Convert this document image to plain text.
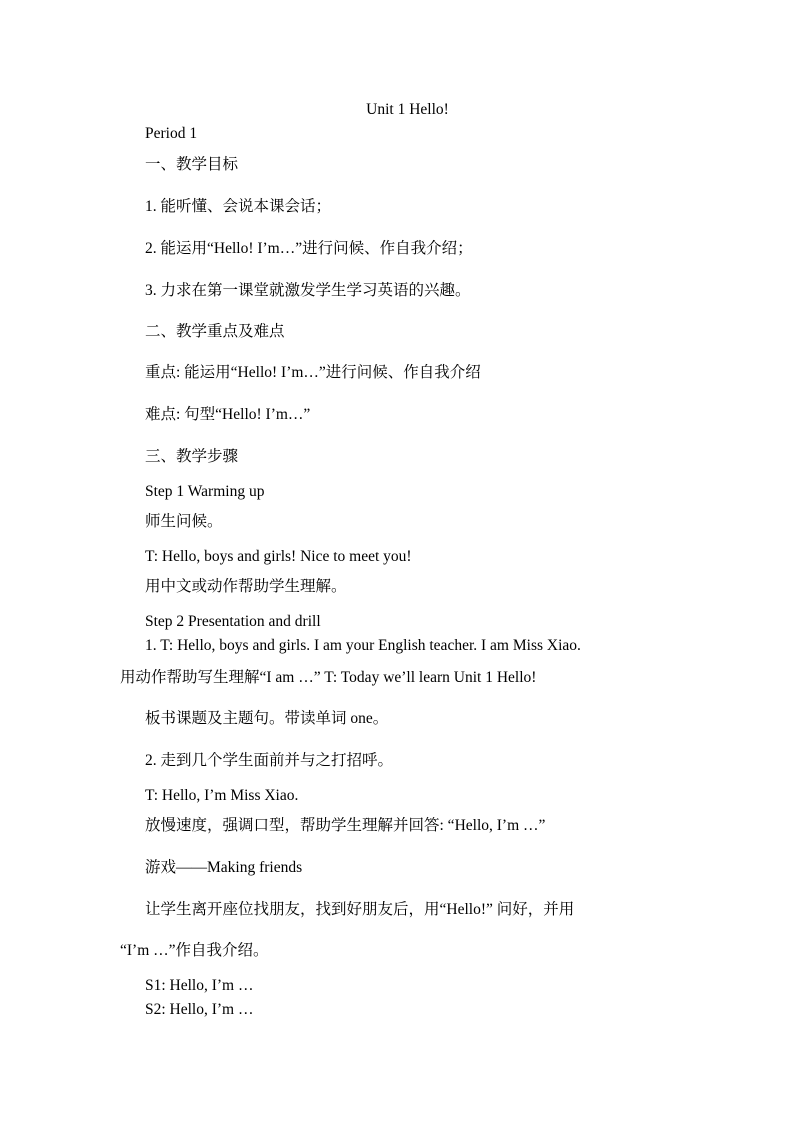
Unit 1 Hello!
Period 1
一、教学目标
1. 能听懂、会说本课会话；
2. 能运用“Hello! I’m…”进行问候、作自我介绍；
3. 力求在第一课堂就激发学生学习英语的兴趣。
二、教学重点及难点
重点: 能运用“Hello! I’m…”进行问候、作自我介绍
难点: 句型“Hello! I’m…”
三、教学步骤
Step 1 Warming up
师生问候。
T: Hello, boys and girls! Nice to meet you!
用中文或动作帮助学生理解。
Step 2 Presentation and drill
1. T: Hello, boys and girls. I am your English teacher. I am Miss Xiao.
用动作帮助写生理解“I am …” T: Today we’ll learn Unit 1 Hello!
板书课题及主题句。带读单词 one。
2. 走到几个学生面前并与之打招呼。
T: Hello, I’m Miss Xiao.
放慢速度，强调口型，帮助学生理解并回答: “Hello, I’m …”
游戏——Making friends
让学生离开座位找朋友，找到好朋友后，用“Hello!” 问好，并用
“I’m …”作自我介绍。
S1: Hello, I’m …
S2: Hello, I’m …
